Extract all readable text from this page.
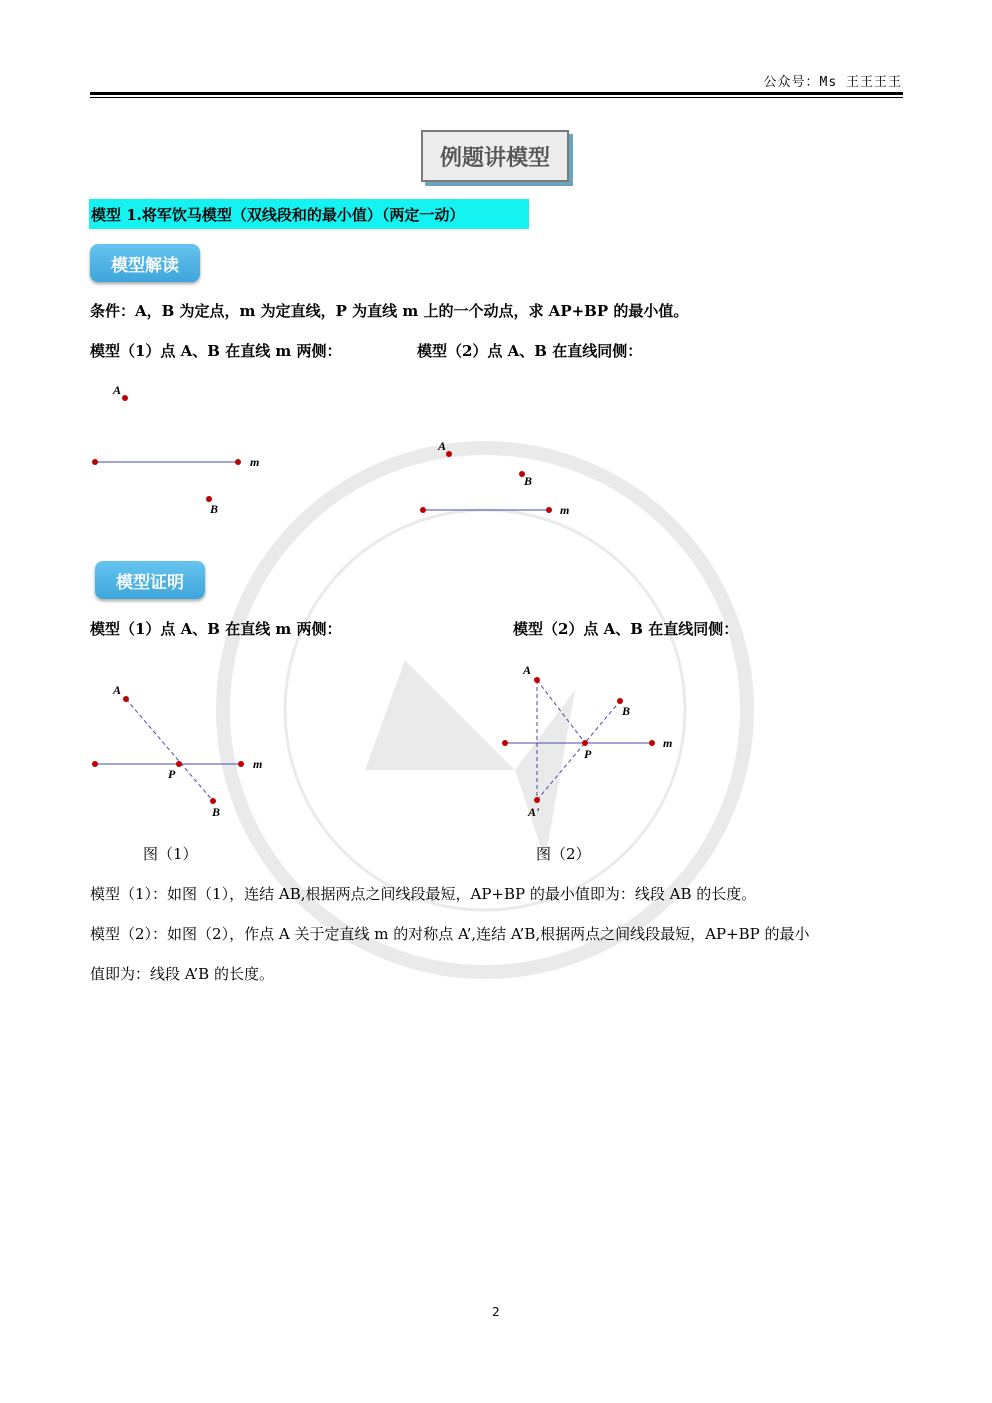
公众号：Ms 王王王王
例题讲模型
模型 1.将军饮马模型（双线段和的最小值）（两定一动）
模型解读
条件：A，B 为定点，m 为定直线，P 为直线 m 上的一个动点，求 AP+BP 的最小值。
模型（1）点 A、B 在直线 m 两侧：	模型（2）点 A、B 在直线同侧：
A
B
m
A
B
m
模型证明
模型（1）点 A、B 在直线 m 两侧：	模型（2）点 A、B 在直线同侧：
A
P
B
m
A
B
P
A'
m
图（1）	图（2）
模型（1）：如图（1），连结 AB,根据两点之间线段最短，AP+BP 的最小值即为：线段 AB 的长度。
模型（2）：如图（2），作点 A 关于定直线 m 的对称点 A’,连结 A’B,根据两点之间线段最短，AP+BP 的最小
值即为：线段 A’B 的长度。
2
